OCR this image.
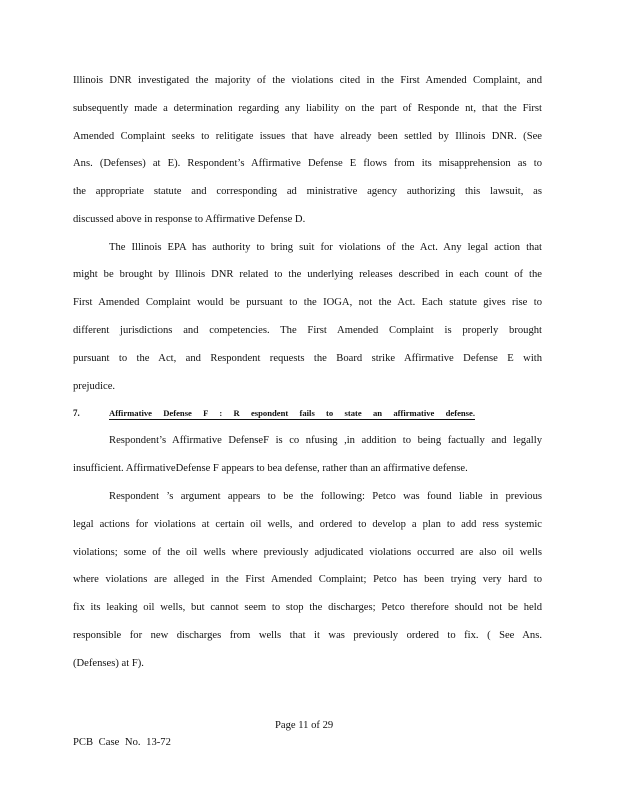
Illinois DNR investigated the majority of the violations cited in the First Amended Complaint, and
subsequently made a determination regarding any liability on the part of Responde nt, that the First
Amended Complaint seeks to relitigate issues that have already been settled by Illinois DNR. (See
Ans. (Defenses) at E). Respondent’s Affirmative Defense E flows from its misapprehension as to
the appropriate statute and corresponding ad ministrative agency authorizing this lawsuit, as
discussed above in response to Affirmative Defense D.
The Illinois EPA has authority to bring suit for violations of the Act. Any legal action that
might be brought by Illinois DNR related to the underlying releases described in each count of the
First Amended Complaint would be pursuant to the IOGA, not the Act. Each statute gives rise to
different jurisdictions and competencies. The First Amended Complaint is properly brought
pursuant to the Act, and Respondent requests the Board strike Affirmative Defense E with
prejudice.
7.	Affirmative Defense F : R espondent fails to state an affirmative defense.
Respondent’s Affirmative DefenseF is co nfusing ,in addition to being factually and legally
insufficient. AffirmativeDefense F appears to bea defense, rather than an affirmative defense.
Respondent ’s argument appears to be the following: Petco was found liable in previous
legal actions for violations at certain oil wells, and ordered to develop a plan to add ress systemic
violations; some of the oil wells where previously adjudicated violations occurred are also oil wells
where violations are alleged in the First Amended Complaint; Petco has been trying very hard to
fix its leaking oil wells, but cannot seem to stop the discharges; Petco therefore should not be held
responsible for new discharges from wells that it was previously ordered to fix. ( See Ans.
(Defenses) at F).
Page 11 of 29
PCB Case No. 13-72
